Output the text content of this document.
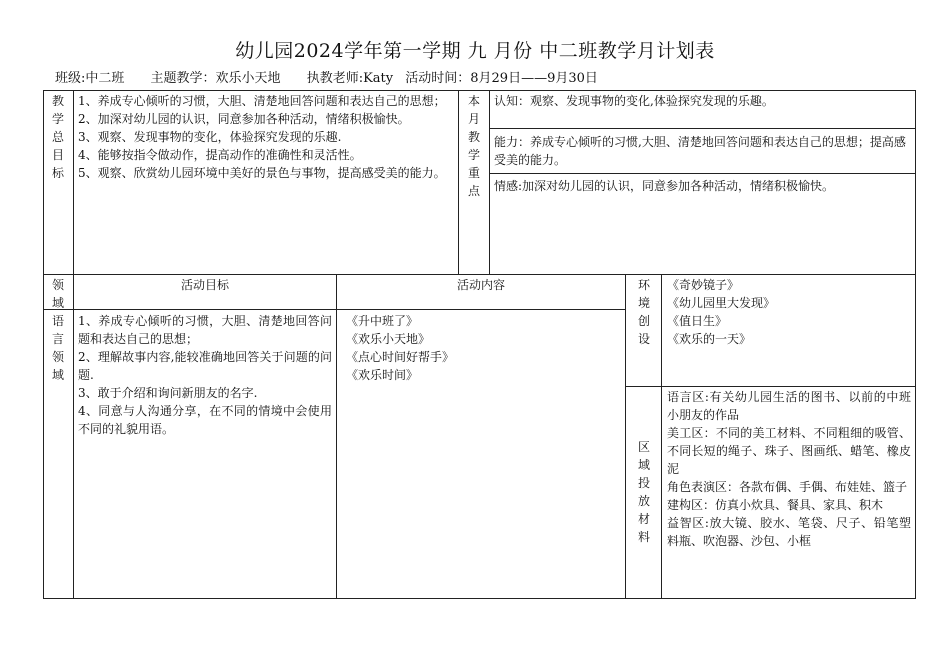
幼儿园2024学年第一学期 九 月份 中二班教学月计划表
班级:中二班 主题教学：欢乐小天地 执教老师:Katy 活动时间：8月29日——9月30日
教学总目标

1、养成专心倾听的习惯，大胆、清楚地回答问题和表达自己的思想；

2、加深对幼儿园的认识，同意参加各种活动，情绪积极愉快。

3、观察、发现事物的变化，体验探究发现的乐趣.

4、能够按指令做动作，提高动作的准确性和灵活性。

5、观察、欣赏幼儿园环境中美好的景色与事物，提高感受美的能力。

本月教学重点
认知：观察、发现事物的变化,体验探究发现的乐趣。
能力：养成专心倾听的习惯,大胆、清楚地回答问题和表达自己的思想；提高感受美的能力。
情感:加深对幼儿园的认识，同意参加各种活动，情绪积极愉快。
领域
活动目标	活动内容
语言领域

1、养成专心倾听的习惯，大胆、清楚地回答问题和表达自己的思想；

2、理解故事内容,能较准确地回答关于问题的问题.

3、敢于介绍和询问新朋友的名字.

4、同意与人沟通分享，在不同的情境中会使用不同的礼貌用语。

《升中班了》

《欢乐小天地》

《点心时间好帮手》

《欢乐时间》

环境创设

《奇妙镜子》

《幼儿园里大发现》

《值日生》

《欢乐的一天》

区域投放材料

语言区:有关幼儿园生活的图书、以前的中班小朋友的作品

美工区：不同的美工材料、不同粗细的吸管、不同长短的绳子、珠子、图画纸、蜡笔、橡皮泥

角色表演区：各款布偶、手偶、布娃娃、篮子

建构区：仿真小炊具、餐具、家具、积木

益智区:放大镜、胶水、笔袋、尺子、铅笔塑料瓶、吹泡器、沙包、小框
